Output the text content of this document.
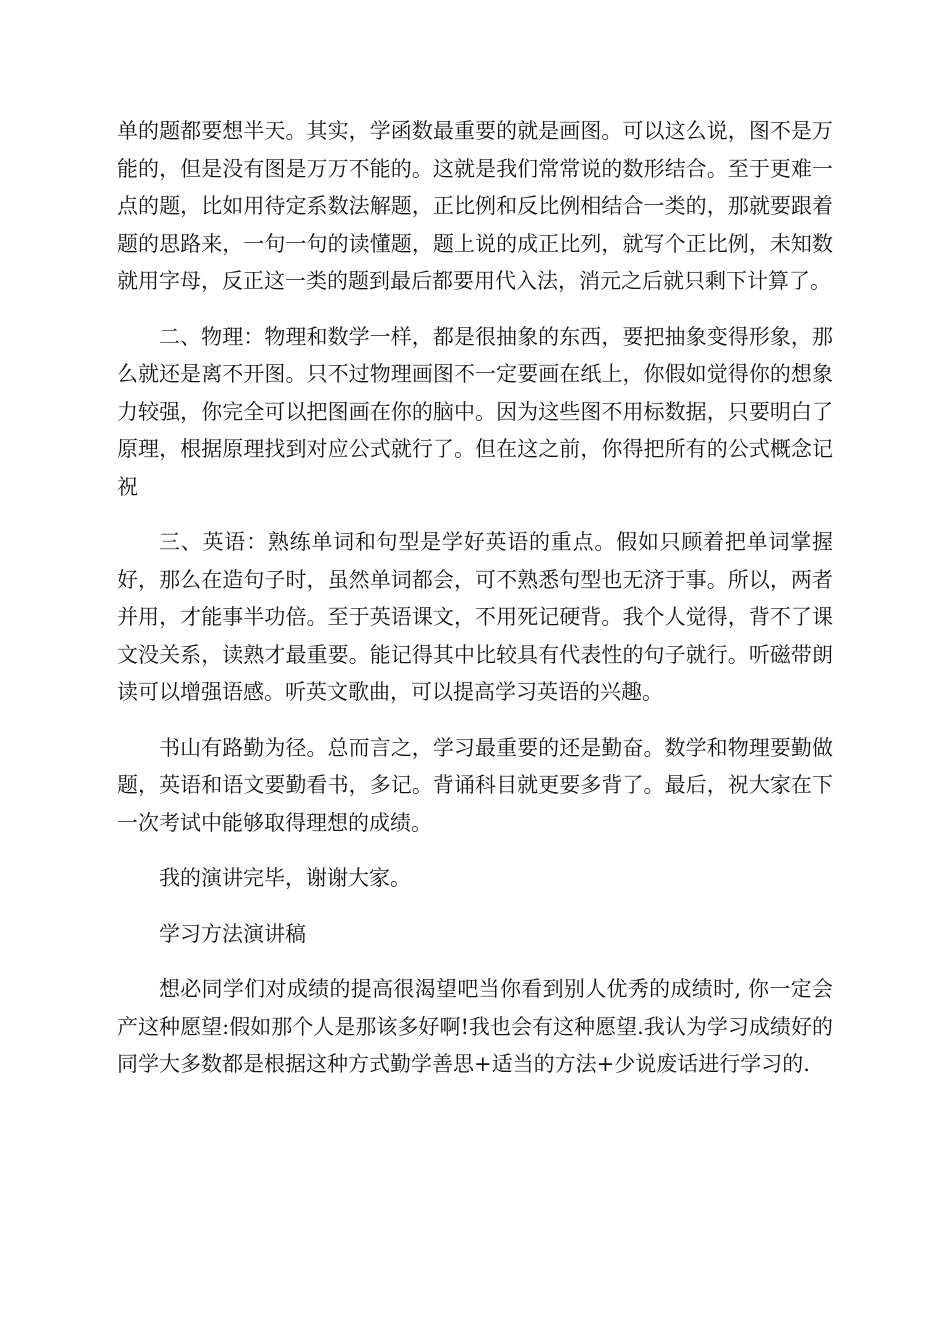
单的题都要想半天。其实，学函数最重要的就是画图。可以这么说，图不是万能的，但是没有图是万万不能的。这就是我们常常说的数形结合。至于更难一点的题，比如用待定系数法解题，正比例和反比例相结合一类的，那就要跟着题的思路来，一句一句的读懂题，题上说的成正比列，就写个正比例，未知数就用字母，反正这一类的题到最后都要用代入法，消元之后就只剩下计算了。

二、物理：物理和数学一样，都是很抽象的东西，要把抽象变得形象，那么就还是离不开图。只不过物理画图不一定要画在纸上，你假如觉得你的想象力较强，你完全可以把图画在你的脑中。因为这些图不用标数据，只要明白了原理，根据原理找到对应公式就行了。但在这之前，你得把所有的公式概念记祝

三、英语：熟练单词和句型是学好英语的重点。假如只顾着把单词掌握好，那么在造句子时，虽然单词都会，可不熟悉句型也无济于事。所以，两者并用，才能事半功倍。至于英语课文，不用死记硬背。我个人觉得，背不了课文没关系，读熟才最重要。能记得其中比较具有代表性的句子就行。听磁带朗读可以增强语感。听英文歌曲，可以提高学习英语的兴趣。

书山有路勤为径。总而言之，学习最重要的还是勤奋。数学和物理要勤做题，英语和语文要勤看书，多记。背诵科目就更要多背了。最后，祝大家在下一次考试中能够取得理想的成绩。

我的演讲完毕，谢谢大家。

学习方法演讲稿

想必同学们对成绩的提高很渴望吧当你看到别人优秀的成绩时, 你一定会产这种愿望:假如那个人是那该多好啊!我也会有这种愿望.我认为学习成绩好的同学大多数都是根据这种方式勤学善思+适当的方法+少说废话进行学习的.
